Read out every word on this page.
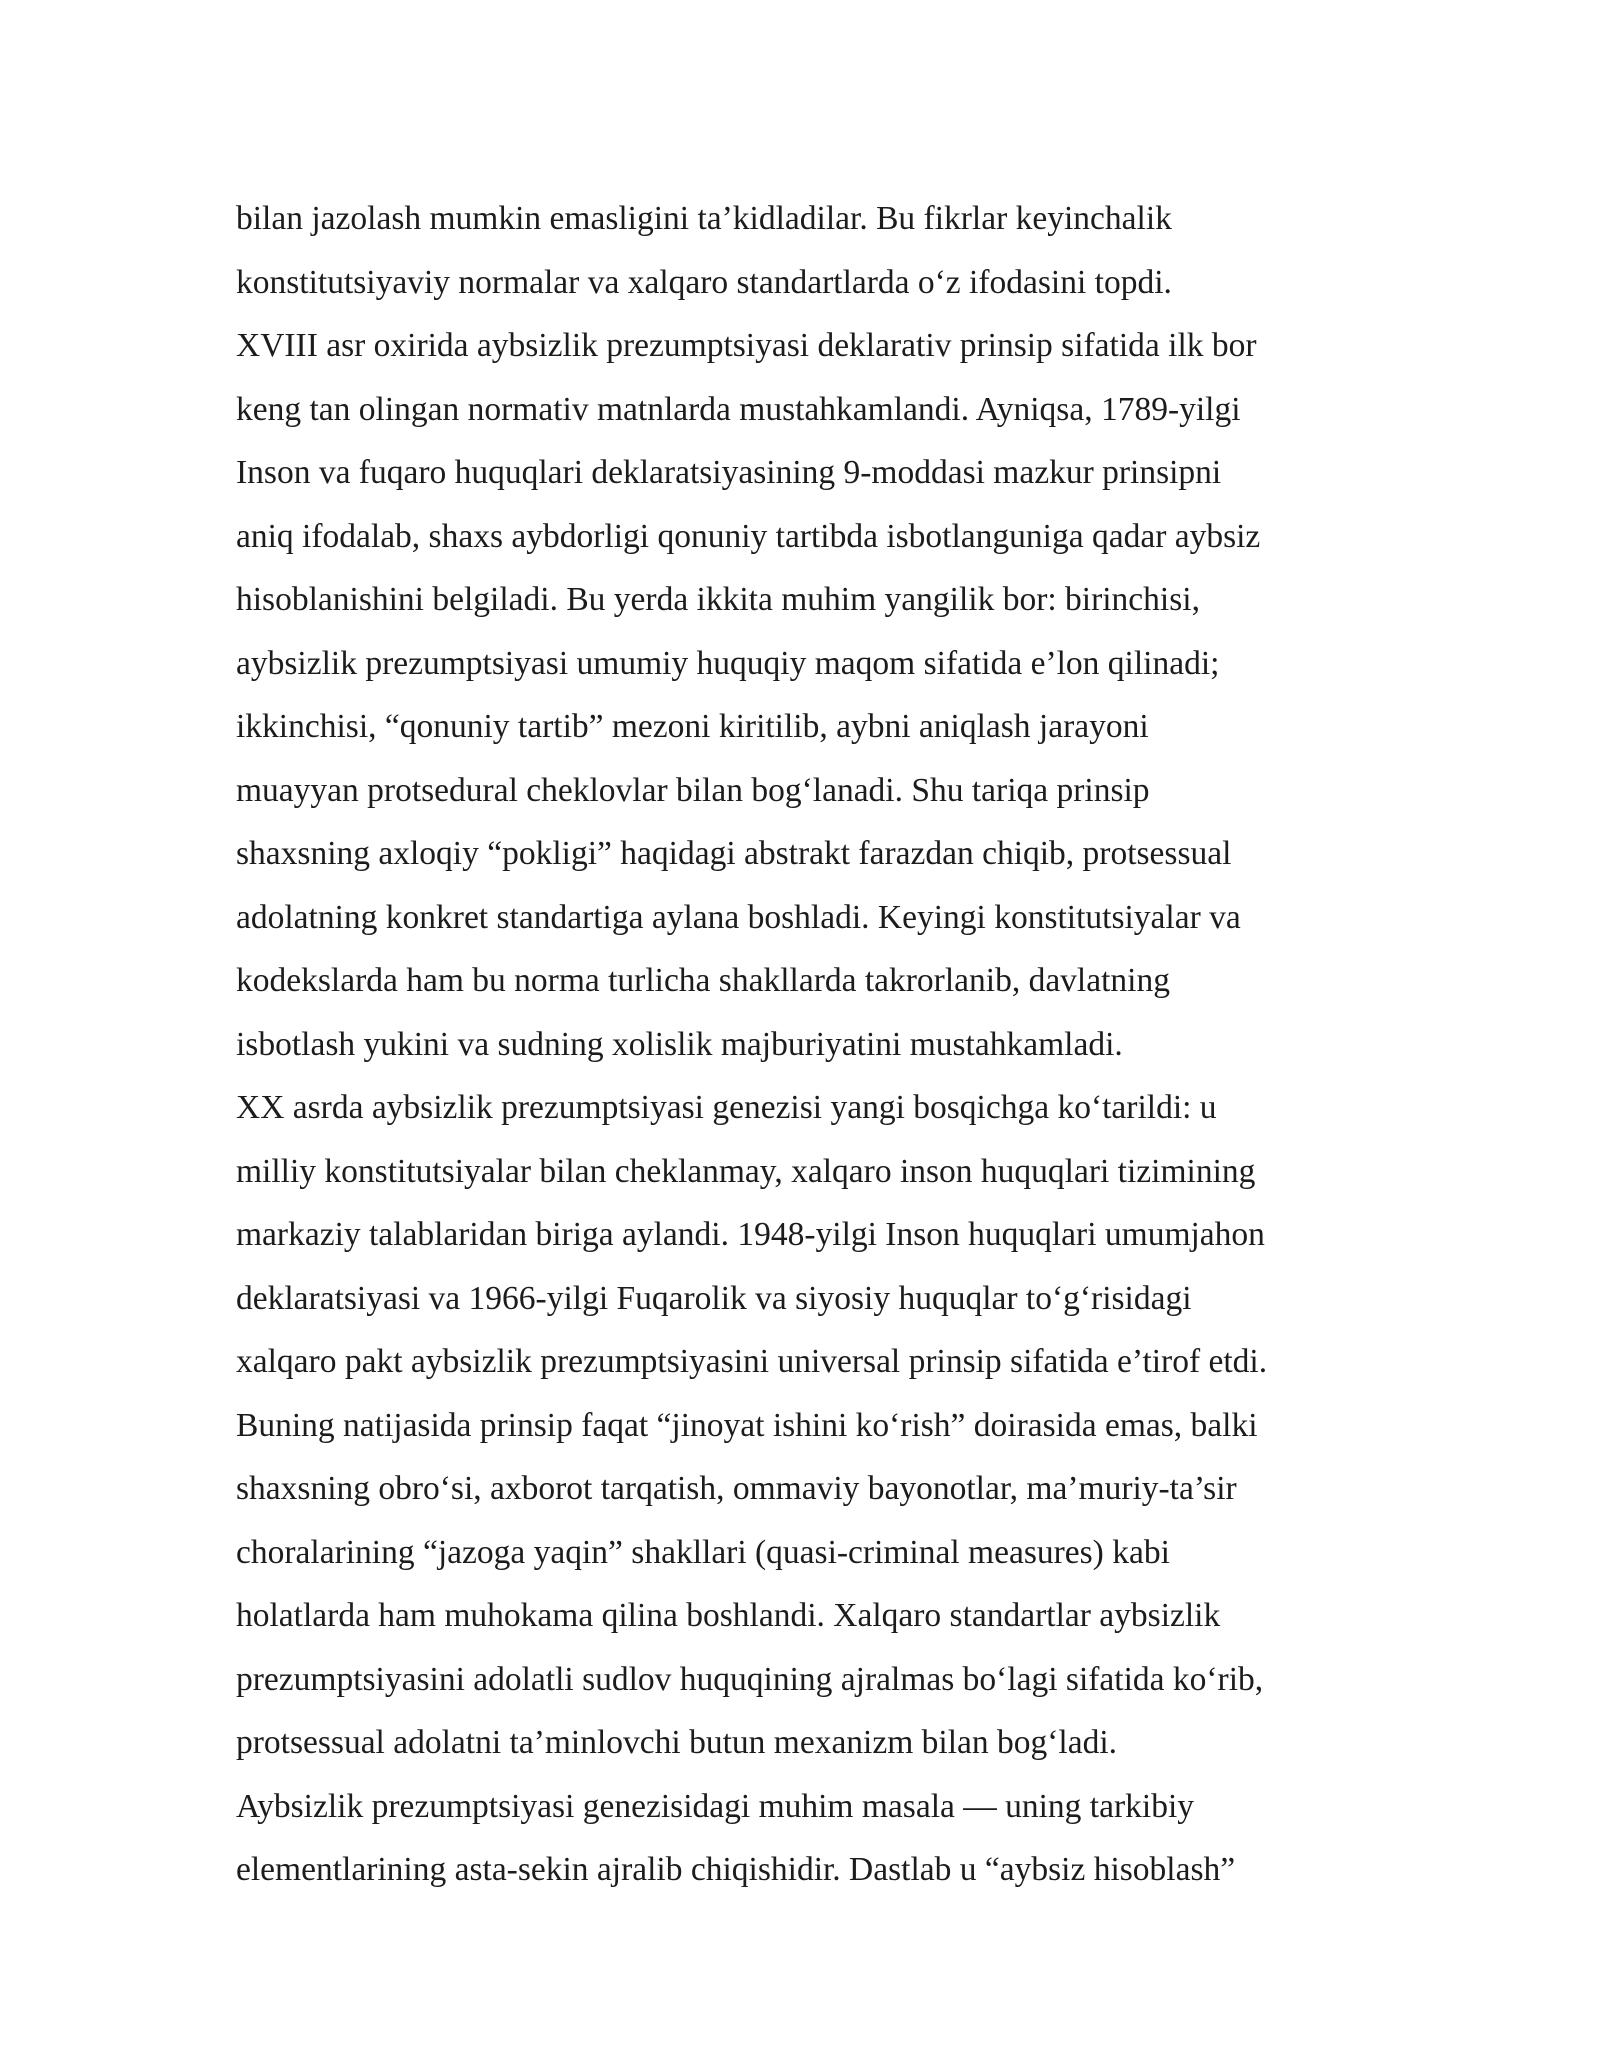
bilan jazolash mumkin emasligini ta’kidladilar. Bu fikrlar keyinchalik
konstitutsiyaviy normalar va xalqaro standartlarda o‘z ifodasini topdi.
XVIII asr oxirida aybsizlik prezumptsiyasi deklarativ prinsip sifatida ilk bor
keng tan olingan normativ matnlarda mustahkamlandi. Ayniqsa, 1789-yilgi
Inson va fuqaro huquqlari deklaratsiyasining 9-moddasi mazkur prinsipni
aniq ifodalab, shaxs aybdorligi qonuniy tartibda isbotlanguniga qadar aybsiz
hisoblanishini belgiladi. Bu yerda ikkita muhim yangilik bor: birinchisi,
aybsizlik prezumptsiyasi umumiy huquqiy maqom sifatida e’lon qilinadi;
ikkinchisi, “qonuniy tartib” mezoni kiritilib, aybni aniqlash jarayoni
muayyan protsedural cheklovlar bilan bog‘lanadi. Shu tariqa prinsip
shaxsning axloqiy “pokligi” haqidagi abstrakt farazdan chiqib, protsessual
adolatning konkret standartiga aylana boshladi. Keyingi konstitutsiyalar va
kodekslarda ham bu norma turlicha shakllarda takrorlanib, davlatning
isbotlash yukini va sudning xolislik majburiyatini mustahkamladi.
XX asrda aybsizlik prezumptsiyasi genezisi yangi bosqichga ko‘tarildi: u
milliy konstitutsiyalar bilan cheklanmay, xalqaro inson huquqlari tizimining
markaziy talablaridan biriga aylandi. 1948-yilgi Inson huquqlari umumjahon
deklaratsiyasi va 1966-yilgi Fuqarolik va siyosiy huquqlar to‘g‘risidagi
xalqaro pakt aybsizlik prezumptsiyasini universal prinsip sifatida e’tirof etdi.
Buning natijasida prinsip faqat “jinoyat ishini ko‘rish” doirasida emas, balki
shaxsning obro‘si, axborot tarqatish, ommaviy bayonotlar, ma’muriy-ta’sir
choralarining “jazoga yaqin” shakllari (quasi-criminal measures) kabi
holatlarda ham muhokama qilina boshlandi. Xalqaro standartlar aybsizlik
prezumptsiyasini adolatli sudlov huquqining ajralmas bo‘lagi sifatida ko‘rib,
protsessual adolatni ta’minlovchi butun mexanizm bilan bog‘ladi.
Aybsizlik prezumptsiyasi genezisidagi muhim masala — uning tarkibiy
elementlarining asta-sekin ajralib chiqishidir. Dastlab u “aybsiz hisoblash”
